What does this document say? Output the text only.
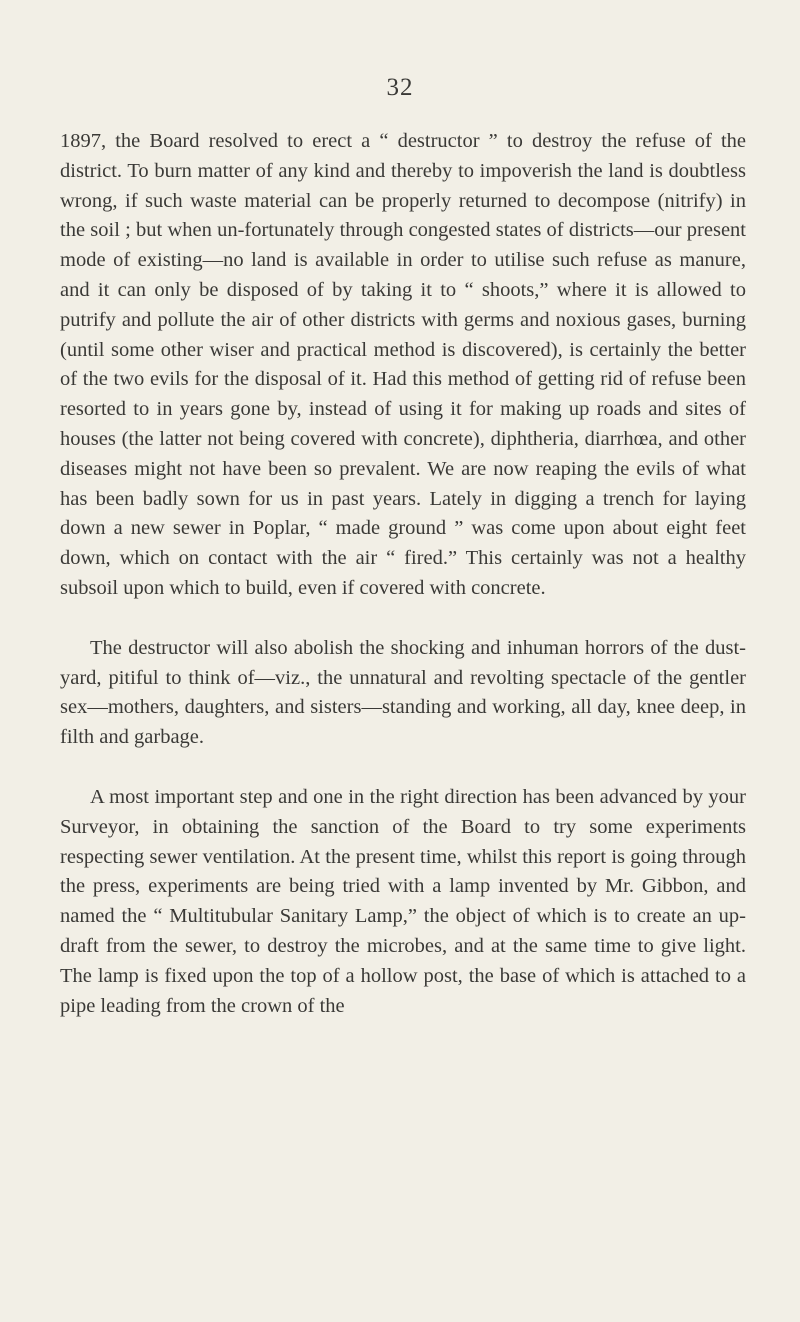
32

1897, the Board resolved to erect a “ destructor ” to destroy the refuse of the district. To burn matter of any kind and thereby to impoverish the land is doubtless wrong, if such waste material can be properly returned to decompose (nitrify) in the soil ; but when un-fortunately through congested states of districts—our present mode of existing—no land is available in order to utilise such refuse as manure, and it can only be disposed of by taking it to “ shoots,” where it is allowed to putrify and pollute the air of other districts with germs and noxious gases, burning (until some other wiser and practical method is discovered), is certainly the better of the two evils for the disposal of it. Had this method of getting rid of refuse been resorted to in years gone by, instead of using it for making up roads and sites of houses (the latter not being covered with concrete), diphtheria, diarrhœa, and other diseases might not have been so prevalent. We are now reaping the evils of what has been badly sown for us in past years. Lately in digging a trench for laying down a new sewer in Poplar, “ made ground ” was come upon about eight feet down, which on contact with the air “ fired.” This certainly was not a healthy subsoil upon which to build, even if covered with concrete.

The destructor will also abolish the shocking and inhuman horrors of the dust-yard, pitiful to think of—viz., the unnatural and revolting spectacle of the gentler sex—mothers, daughters, and sisters—standing and working, all day, knee deep, in filth and garbage.

A most important step and one in the right direction has been advanced by your Surveyor, in obtaining the sanction of the Board to try some experiments respecting sewer ventilation. At the present time, whilst this report is going through the press, experiments are being tried with a lamp invented by Mr. Gibbon, and named the “ Multitubular Sanitary Lamp,” the object of which is to create an up-draft from the sewer, to destroy the microbes, and at the same time to give light. The lamp is fixed upon the top of a hollow post, the base of which is attached to a pipe leading from the crown of the
